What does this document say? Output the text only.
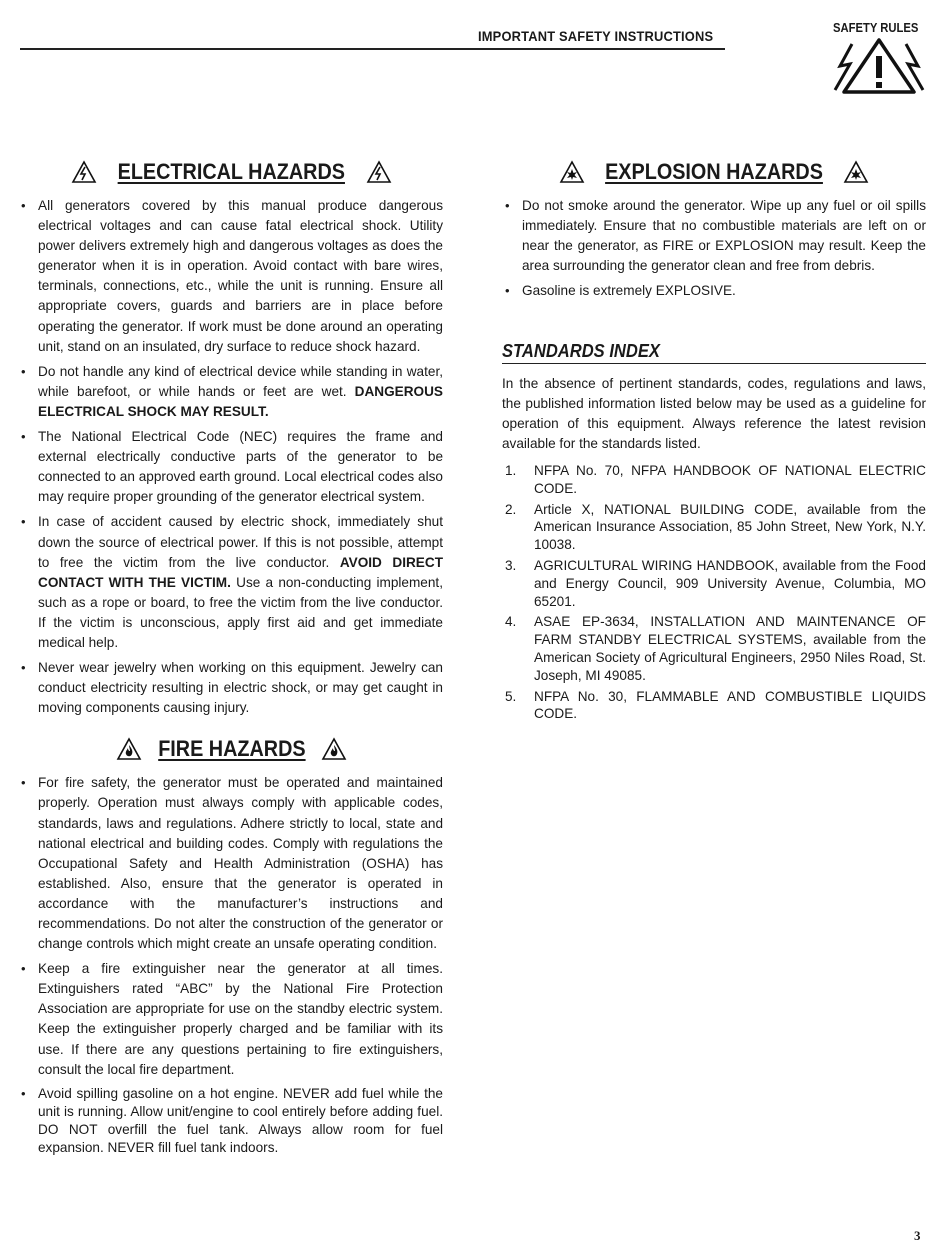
IMPORTANT SAFETY INSTRUCTIONS	SAFETY RULES
ELECTRICAL HAZARDS
• All generators covered by this manual produce dangerous electrical voltages and can cause fatal electrical shock. Utility power delivers extremely high and dangerous voltages as does the generator when it is in operation. Avoid contact with bare wires, terminals, connections, etc., while the unit is running. Ensure all appropriate covers, guards and barriers are in place before operating the generator. If work must be done around an operating unit, stand on an insulated, dry surface to reduce shock hazard.
• Do not handle any kind of electrical device while standing in water, while barefoot, or while hands or feet are wet. DANGEROUS ELECTRICAL SHOCK MAY RESULT.
• The National Electrical Code (NEC) requires the frame and external electrically conductive parts of the generator to be connected to an approved earth ground. Local electrical codes also may require proper grounding of the generator electrical system.
• In case of accident caused by electric shock, immediately shut down the source of electrical power. If this is not possible, attempt to free the victim from the live conductor. AVOID DIRECT CONTACT WITH THE VICTIM. Use a non-conducting implement, such as a rope or board, to free the victim from the live conductor. If the victim is unconscious, apply first aid and get immediate medical help.
• Never wear jewelry when working on this equipment. Jewelry can conduct electricity resulting in electric shock, or may get caught in moving components causing injury.
FIRE HAZARDS
• For fire safety, the generator must be operated and maintained properly. Operation must always comply with applicable codes, standards, laws and regulations. Adhere strictly to local, state and national electrical and building codes. Comply with regulations the Occupational Safety and Health Administration (OSHA) has established. Also, ensure that the generator is operated in accordance with the manufacturer’s instructions and recommendations. Do not alter the construction of the generator or change controls which might create an unsafe operating condition.
• Keep a fire extinguisher near the generator at all times. Extinguishers rated “ABC” by the National Fire Protection Association are appropriate for use on the standby electric system. Keep the extinguisher properly charged and be familiar with its use. If there are any questions pertaining to fire extinguishers, consult the local fire department.
• Avoid spilling gasoline on a hot engine. NEVER add fuel while the unit is running. Allow unit/engine to cool entirely before adding fuel. DO NOT overfill the fuel tank. Always allow room for fuel expansion. NEVER fill fuel tank indoors.
EXPLOSION HAZARDS
• Do not smoke around the generator. Wipe up any fuel or oil spills immediately. Ensure that no combustible materials are left on or near the generator, as FIRE or EXPLOSION may result. Keep the area surrounding the generator clean and free from debris.
• Gasoline is extremely EXPLOSIVE.
STANDARDS INDEX

In the absence of pertinent standards, codes, regulations and laws, the published information listed below may be used as a guideline for operation of this equipment. Always reference the latest revision available for the standards listed.

1. NFPA No. 70, NFPA HANDBOOK OF NATIONAL ELECTRIC CODE.
2. Article X, NATIONAL BUILDING CODE, available from the American Insurance Association, 85 John Street, New York, N.Y. 10038.
3. AGRICULTURAL WIRING HANDBOOK, available from the Food and Energy Council, 909 University Avenue, Columbia, MO 65201.
4. ASAE EP-3634, INSTALLATION AND MAINTENANCE OF FARM STANDBY ELECTRICAL SYSTEMS, available from the American Society of Agricultural Engineers, 2950 Niles Road, St. Joseph, MI 49085.
5. NFPA No. 30, FLAMMABLE AND COMBUSTIBLE LIQUIDS CODE.
3
